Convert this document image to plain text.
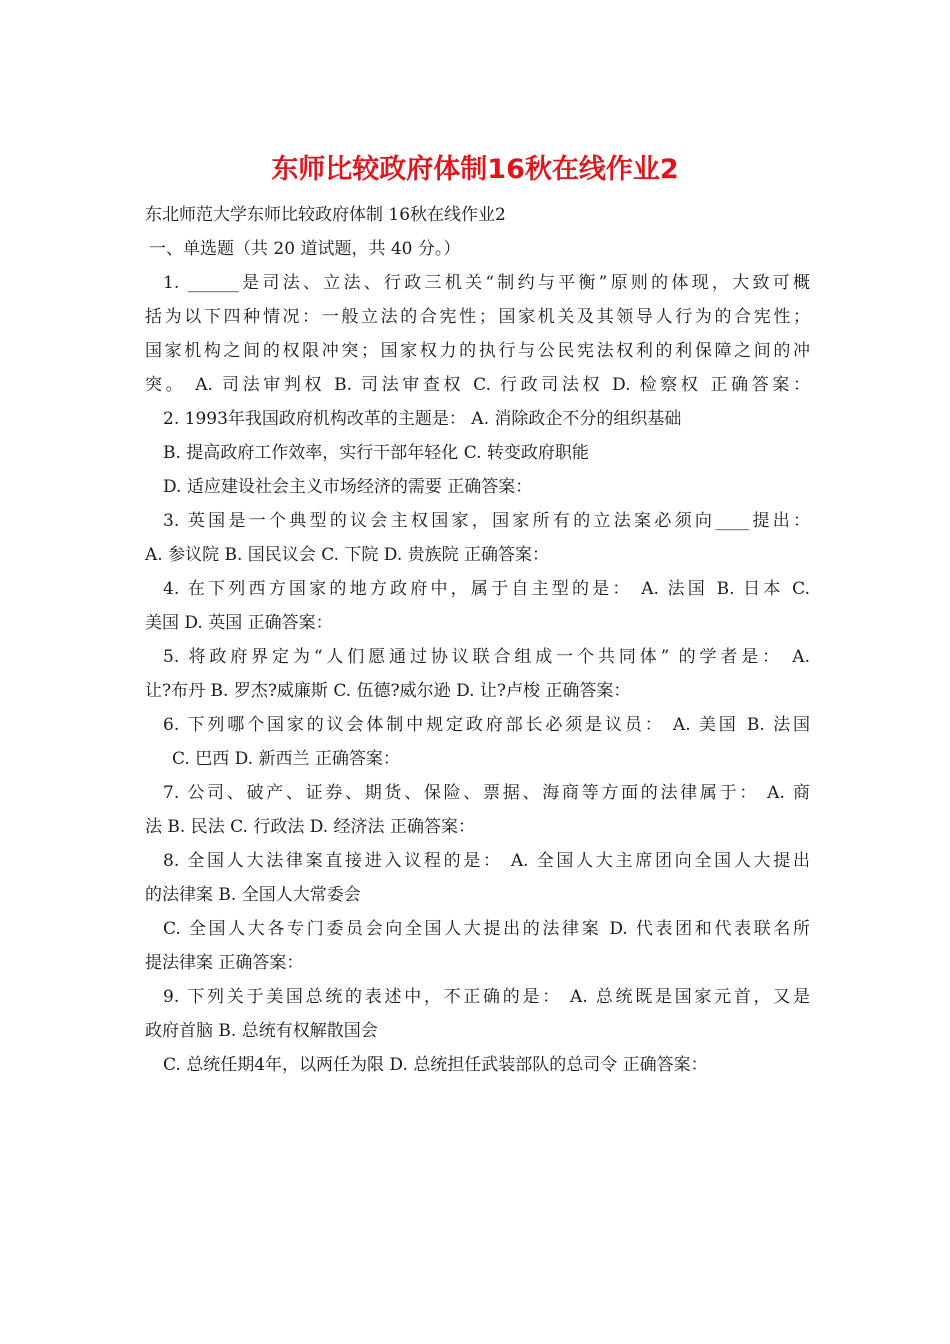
东师比较政府体制16秋在线作业2
东北师范大学东师比较政府体制 16秋在线作业2
一、单选题（共 20 道试题，共 40 分。）
1. ______是司法、立法、行政三机关“制约与平衡”原则的体现，大致可概
括为以下四种情况：一般立法的合宪性；国家机关及其领导人行为的合宪性；
国家机构之间的权限冲突；国家权力的执行与公民宪法权利的利保障之间的冲
突。 A. 司法审判权 B. 司法审查权 C. 行政司法权 D. 检察权 正确答案：
2. 1993年我国政府机构改革的主题是： A. 消除政企不分的组织基础
B. 提高政府工作效率，实行干部年轻化 C. 转变政府职能
D. 适应建设社会主义市场经济的需要 正确答案：
3. 英国是一个典型的议会主权国家，国家所有的立法案必须向____提出：
A. 参议院 B. 国民议会 C. 下院 D. 贵族院 正确答案：
4. 在下列西方国家的地方政府中，属于自主型的是： A. 法国 B. 日本 C.
美国 D. 英国 正确答案：
5. 将政府界定为“人们愿通过协议联合组成一个共同体” 的学者是： A.
让?布丹 B. 罗杰?威廉斯 C. 伍德?威尔逊 D. 让?卢梭 正确答案：
6. 下列哪个国家的议会体制中规定政府部长必须是议员： A. 美国 B. 法国
C. 巴西 D. 新西兰 正确答案：
7. 公司、破产、证券、期货、保险、票据、海商等方面的法律属于： A. 商
法 B. 民法 C. 行政法 D. 经济法 正确答案：
8. 全国人大法律案直接进入议程的是： A. 全国人大主席团向全国人大提出
的法律案 B. 全国人大常委会
C. 全国人大各专门委员会向全国人大提出的法律案 D. 代表团和代表联名所
提法律案 正确答案：
9. 下列关于美国总统的表述中，不正确的是： A. 总统既是国家元首，又是
政府首脑 B. 总统有权解散国会
C. 总统任期4年，以两任为限 D. 总统担任武装部队的总司令 正确答案：
